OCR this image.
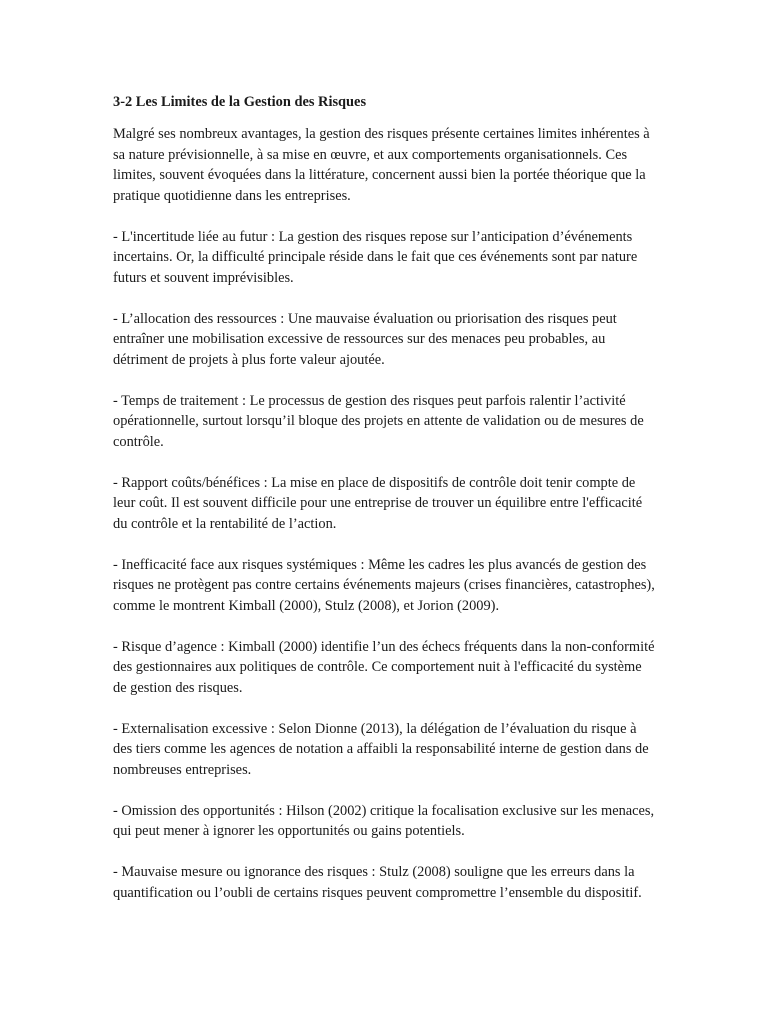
3-2 Les Limites de la Gestion des Risques

Malgré ses nombreux avantages, la gestion des risques présente certaines limites inhérentes à sa nature prévisionnelle, à sa mise en œuvre, et aux comportements organisationnels. Ces limites, souvent évoquées dans la littérature, concernent aussi bien la portée théorique que la pratique quotidienne dans les entreprises.

- L'incertitude liée au futur : La gestion des risques repose sur l’anticipation d’événements incertains. Or, la difficulté principale réside dans le fait que ces événements sont par nature futurs et souvent imprévisibles.

- L’allocation des ressources : Une mauvaise évaluation ou priorisation des risques peut entraîner une mobilisation excessive de ressources sur des menaces peu probables, au détriment de projets à plus forte valeur ajoutée.

- Temps de traitement : Le processus de gestion des risques peut parfois ralentir l’activité opérationnelle, surtout lorsqu’il bloque des projets en attente de validation ou de mesures de contrôle.

- Rapport coûts/bénéfices : La mise en place de dispositifs de contrôle doit tenir compte de leur coût. Il est souvent difficile pour une entreprise de trouver un équilibre entre l'efficacité du contrôle et la rentabilité de l’action.

- Inefficacité face aux risques systémiques : Même les cadres les plus avancés de gestion des risques ne protègent pas contre certains événements majeurs (crises financières, catastrophes), comme le montrent Kimball (2000), Stulz (2008), et Jorion (2009).

- Risque d’agence : Kimball (2000) identifie l’un des échecs fréquents dans la non-conformité des gestionnaires aux politiques de contrôle. Ce comportement nuit à l'efficacité du système de gestion des risques.

- Externalisation excessive : Selon Dionne (2013), la délégation de l’évaluation du risque à des tiers comme les agences de notation a affaibli la responsabilité interne de gestion dans de nombreuses entreprises.

- Omission des opportunités : Hilson (2002) critique la focalisation exclusive sur les menaces, qui peut mener à ignorer les opportunités ou gains potentiels.

- Mauvaise mesure ou ignorance des risques : Stulz (2008) souligne que les erreurs dans la quantification ou l’oubli de certains risques peuvent compromettre l’ensemble du dispositif.
